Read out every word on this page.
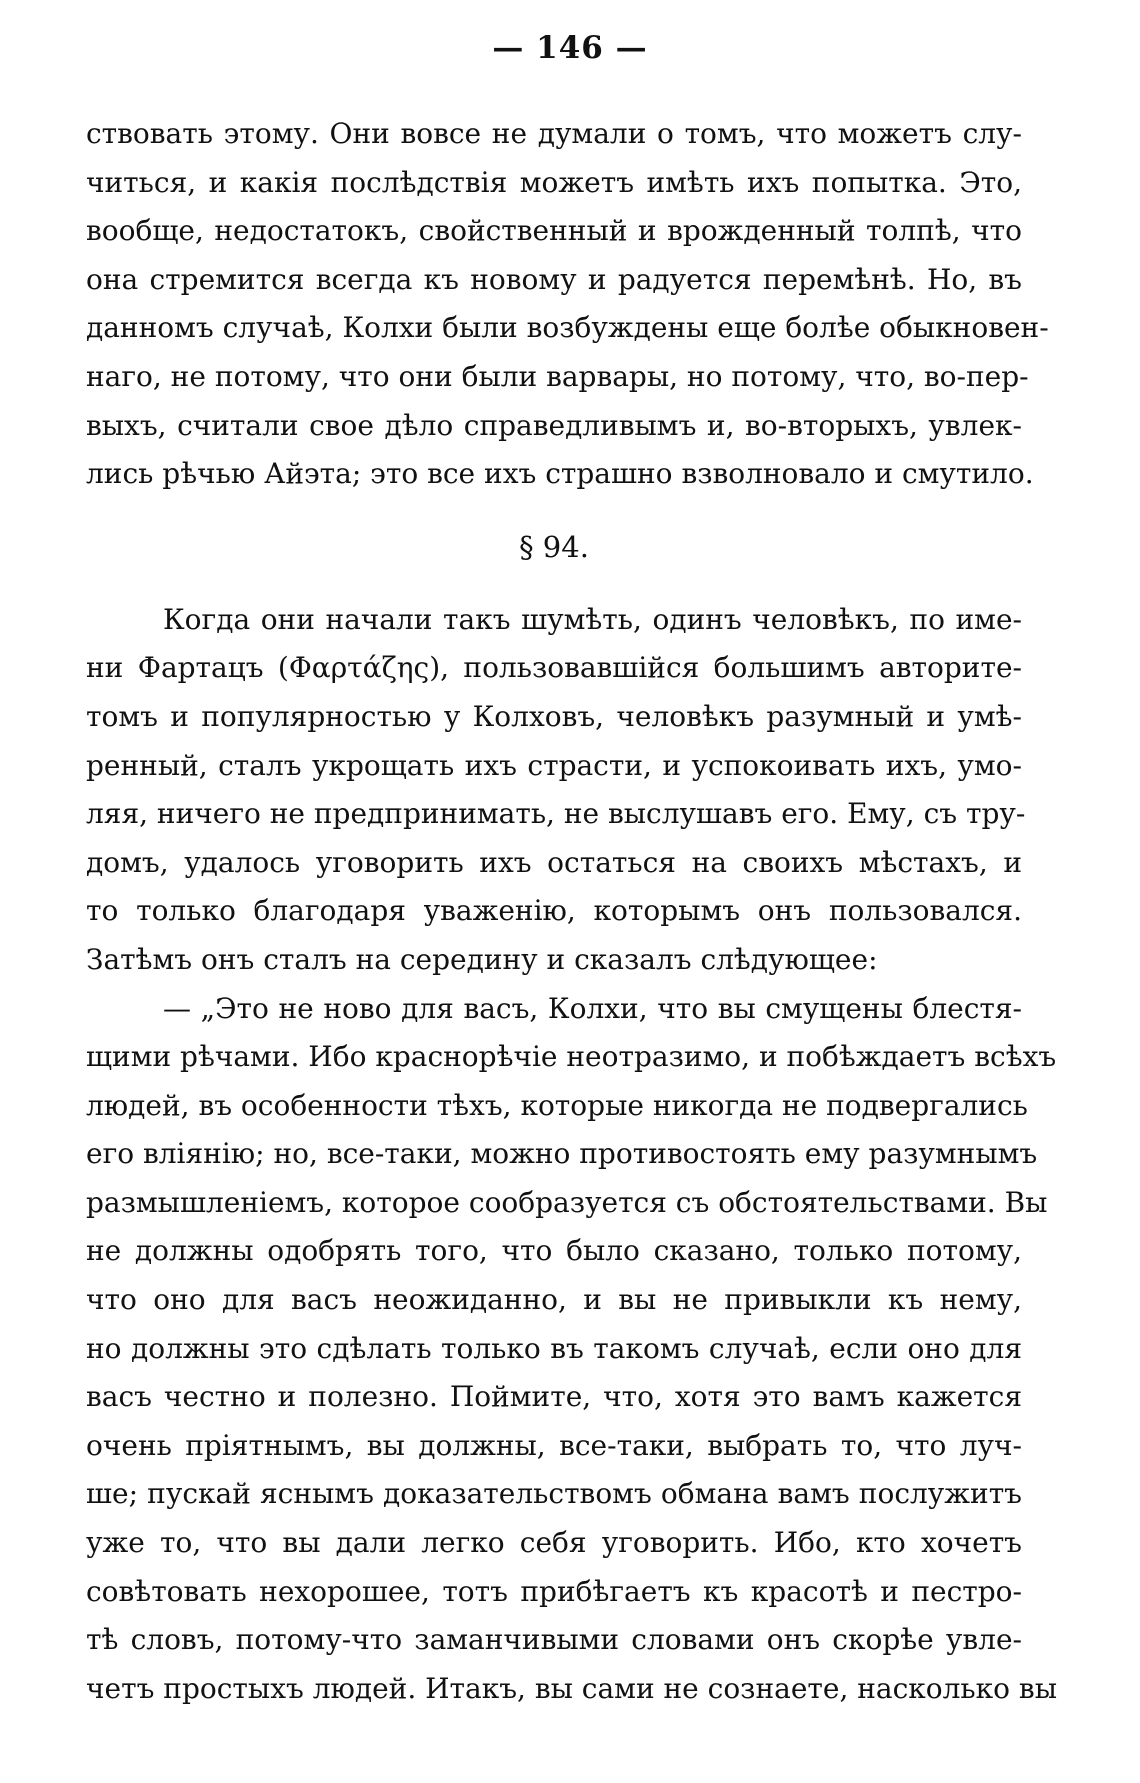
— 146 —
ствовать этому. Они вовсе не думали о томъ, что можетъ слу-
читься, и какія послѣдствія можетъ имѣть ихъ попытка. Это,
вообще, недостатокъ, свойственный и врожденный толпѣ, что
она стремится всегда къ новому и радуется перемѣнѣ. Но, въ
данномъ случаѣ, Колхи были возбуждены еще болѣе обыкновен-
наго, не потому, что они были варвары, но потому, что, во-пер-
выхъ, считали свое дѣло справедливымъ и, во-вторыхъ, увлек-
лись рѣчью Айэта; это все ихъ страшно взволновало и смутило.
§ 94.
Когда они начали такъ шумѣть, одинъ человѣкъ, по име-
ни Фартацъ (Φαρτάζης), пользовавшійся большимъ авторите-
томъ и популярностью у Колховъ, человѣкъ разумный и умѣ-
ренный, сталъ укрощать ихъ страсти, и успокоивать ихъ, умо-
ляя, ничего не предпринимать, не выслушавъ его. Ему, съ тру-
домъ, удалось уговорить ихъ остаться на своихъ мѣстахъ, и
то только благодаря уваженію, которымъ онъ пользовался.
Затѣмъ онъ сталъ на середину и сказалъ слѣдующее:
— „Это не ново для васъ, Колхи, что вы смущены блестя-
щими рѣчами. Ибо краснорѣчіе неотразимо, и побѣждаетъ всѣхъ
людей, въ особенности тѣхъ, которые никогда не подвергались
его вліянію; но, все-таки, можно противостоять ему разумнымъ
размышленіемъ, которое сообразуется съ обстоятельствами. Вы
не должны одобрять того, что было сказано, только потому,
что оно для васъ неожиданно, и вы не привыкли къ нему,
но должны это сдѣлать только въ такомъ случаѣ, если оно для
васъ честно и полезно. Поймите, что, хотя это вамъ кажется
очень пріятнымъ, вы должны, все-таки, выбрать то, что луч-
ше; пускай яснымъ доказательствомъ обмана вамъ послужитъ
уже то, что вы дали легко себя уговорить. Ибо, кто хочетъ
совѣтовать нехорошее, тотъ прибѣгаетъ къ красотѣ и пестро-
тѣ словъ, потому-что заманчивыми словами онъ скорѣе увле-
четъ простыхъ людей. Итакъ, вы сами не сознаете, насколько вы
